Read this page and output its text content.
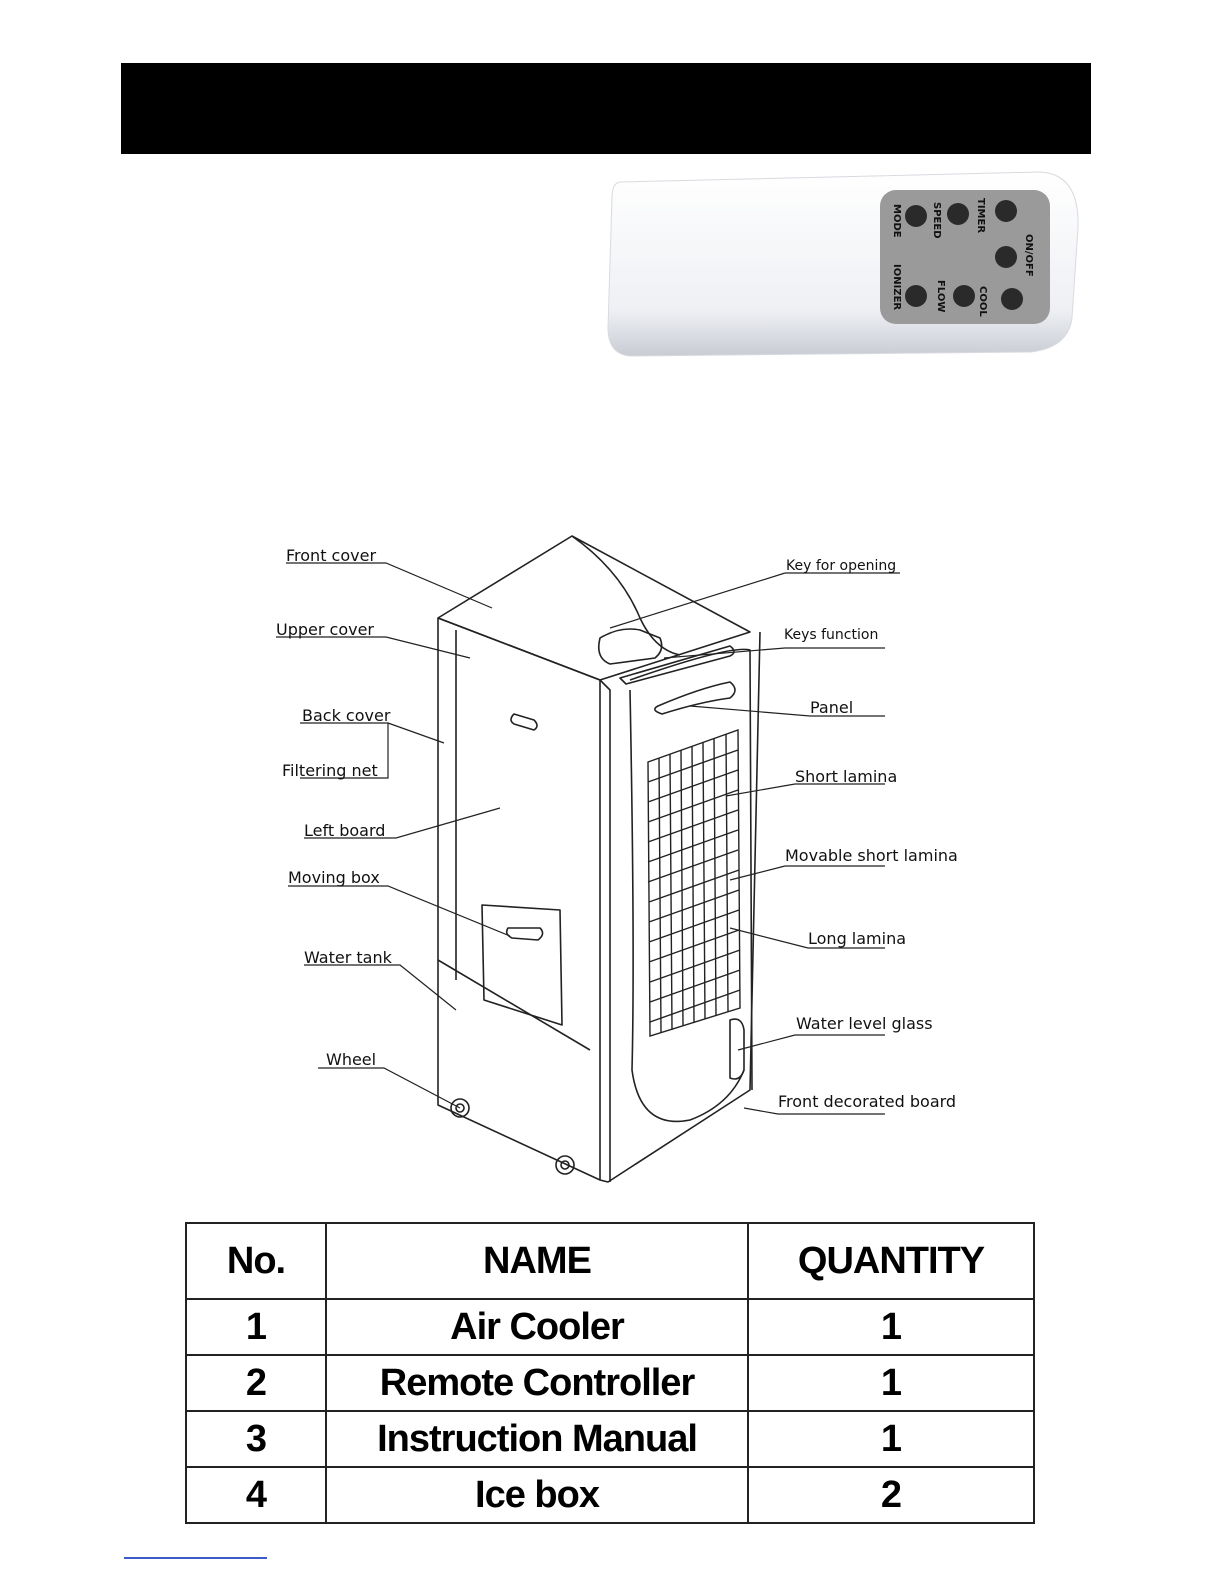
MODE	SPEED	TIMER
ON/OFF
IONIZER	FLOW	COOL
Front cover
Upper cover
Back cover
Filtering net
Left board
Moving box
Water tank
Wheel
Key for opening
Keys function
Panel
Short lamina
Movable short lamina
Long lamina
Water level glass
Front decorated board
No.	NAME	QUANTITY
1	Air Cooler	1
2	Remote Controller	1
3	Instruction Manual	1
4	Ice box	2
